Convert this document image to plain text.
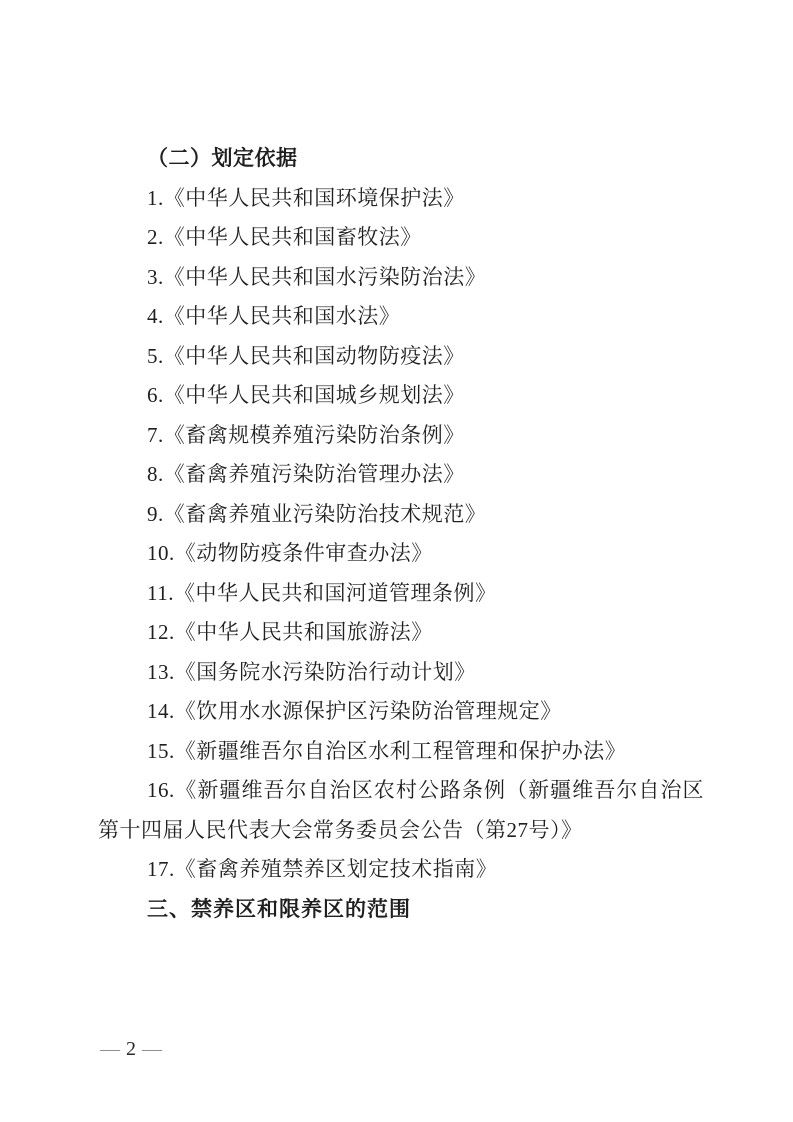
（二）划定依据

1.《中华人民共和国环境保护法》

2.《中华人民共和国畜牧法》

3.《中华人民共和国水污染防治法》

4.《中华人民共和国水法》

5.《中华人民共和国动物防疫法》

6.《中华人民共和国城乡规划法》

7.《畜禽规模养殖污染防治条例》

8.《畜禽养殖污染防治管理办法》

9.《畜禽养殖业污染防治技术规范》

10.《动物防疫条件审查办法》

11.《中华人民共和国河道管理条例》

12.《中华人民共和国旅游法》

13.《国务院水污染防治行动计划》

14.《饮用水水源保护区污染防治管理规定》

15.《新疆维吾尔自治区水利工程管理和保护办法》

16.《新疆维吾尔自治区农村公路条例（新疆维吾尔自治区第十四届人民代表大会常务委员会公告（第27号）》

17.《畜禽养殖禁养区划定技术指南》

三、禁养区和限养区的范围

— 2 —
